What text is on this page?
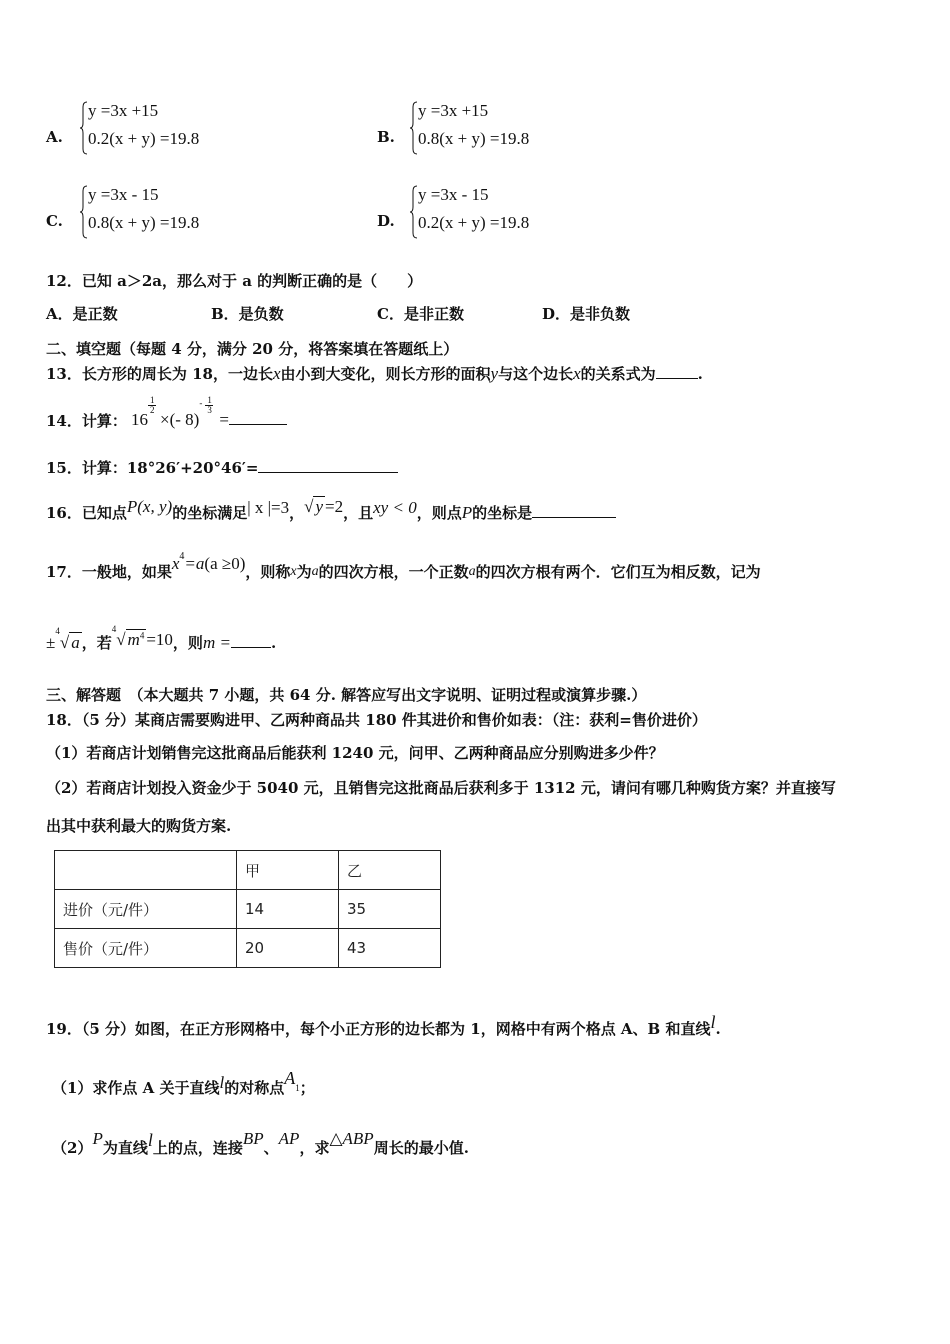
A.
y =3x +15
0.2(x + y) =19.8	B.
y =3x +15
0.8(x + y) =19.8
C.
y =3x - 15
0.8(x + y) =19.8	D.
y =3x - 15
0.2(x + y) =19.8
12．已知 a＞2a，那么对于 a 的判断正确的是（　　）
A．是正数	B．是负数	C．是非正数	D．是非负数
二、填空题（每题 4 分，满分 20 分，将答案填在答题纸上）
13．长方形的周长为 18，一边长x由小到大变化，则长方形的面积y与这个边长x的关系式为	.
14．计算： $16 \frac{1}{2}$ ×(- 8)
- 1
3 =
15．计算：18°26′+20°46′=
16．已知点P(x, y)的坐标满足| x |=3，√ y =2，且xy < 0，则点P的坐标是
17．一般地，如果$x^4=a(a \ge 0)$，则称x为a的四次方根，一个正数a的四次方根有两个．它们互为相反数，记为
±$^4$√ a ，若$^4$√ $m^4 =10$，则m =	.
三、解答题　（本大题共 7 小题，共 64 分. 解答应写出文字说明、证明过程或演算步骤.）
18．（5 分）某商店需要购进甲、乙两种商品共 180 件其进价和售价如表：（注：获利=售价进价）
（1）若商店计划销售完这批商品后能获利 1240 元，问甲、乙两种商品应分别购进多少件？
（2）若商店计划投入资金少于 5040 元，且销售完这批商品后获利多于 1312 元，请问有哪几种购货方案？并直接写
出其中获利最大的购货方案.
	甲	乙
进价（元/件）	14	35
售价（元/件）	20	43
19．（5 分）如图，在正方形网格中，每个小正方形的边长都为 1，网格中有两个格点 A、B 和直线l.
（1）求作点 A 关于直线l的对称点$A_1$；
（2）P为直线l上的点，连接BP、AP，求△ABP周长的最小值.
